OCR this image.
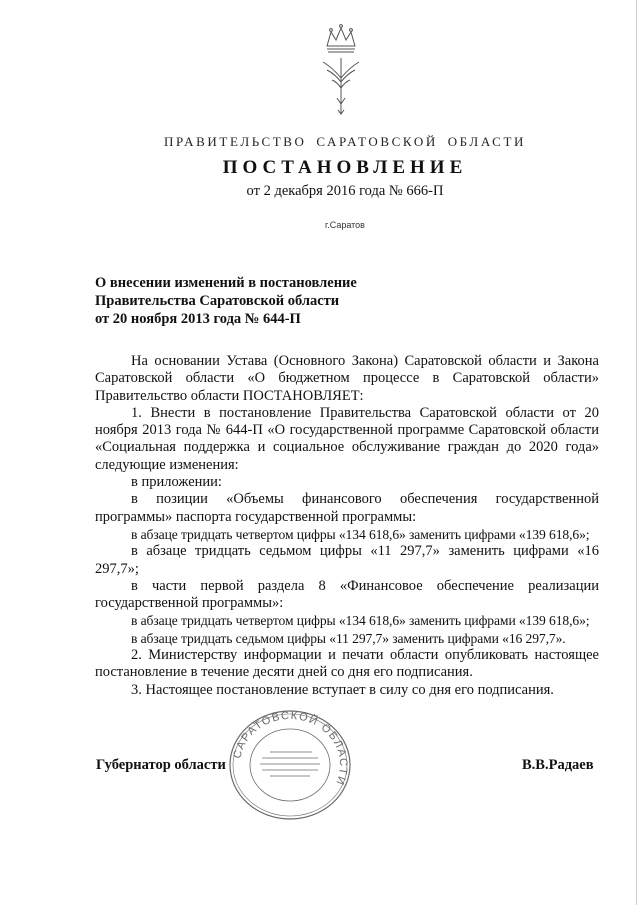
ПРАВИТЕЛЬСТВО САРАТОВСКОЙ ОБЛАСТИ
ПОСТАНОВЛЕНИЕ
от 2 декабря 2016 года № 666-П
г.Саратов
О внесении изменений в постановление
Правительства Саратовской области
от 20 ноября 2013 года № 644-П

На основании Устава (Основного Закона) Саратовской области и Закона Саратовской области «О бюджетном процессе в Саратовской области» Правительство области ПОСТАНОВЛЯЕТ:

1. Внести в постановление Правительства Саратовской области от 20 ноября 2013 года № 644-П «О государственной программе Саратовской области «Социальная поддержка и социальное обслуживание граждан до 2020 года» следующие изменения:

в приложении:

в позиции «Объемы финансового обеспечения государственной программы» паспорта государственной программы:

в абзаце тридцать четвертом цифры «134 618,6» заменить цифрами «139 618,6»;

в абзаце тридцать седьмом цифры «11 297,7» заменить цифрами «16 297,7»;

в части первой раздела 8 «Финансовое обеспечение реализации государственной программы»:

в абзаце тридцать четвертом цифры «134 618,6» заменить цифрами «139 618,6»;

в абзаце тридцать седьмом цифры «11 297,7» заменить цифрами «16 297,7».

2. Министерству информации и печати области опубликовать настоящее постановление в течение десяти дней со дня его подписания.

3. Настоящее постановление вступает в силу со дня его подписания.

Губернатор области	В.В.Радаев
САРАТОВСКОЙ ОБЛАСТИ
